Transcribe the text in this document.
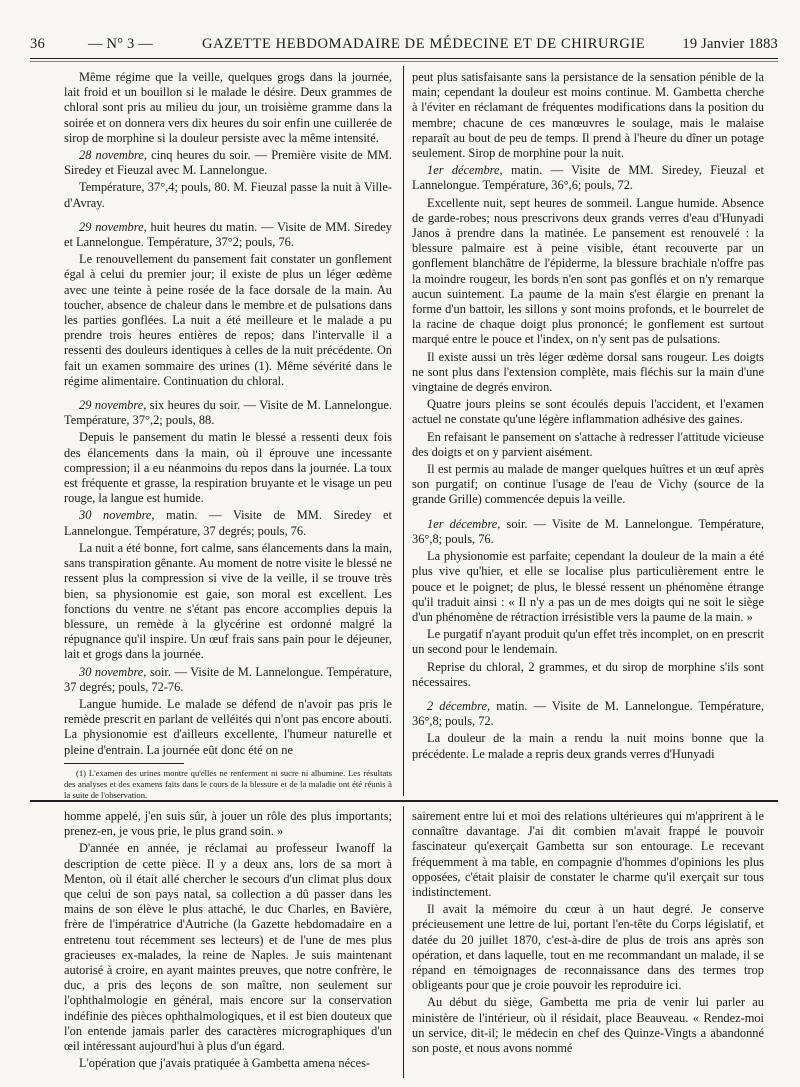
36	— N° 3 —	GAZETTE HEBDOMADAIRE DE MÉDECINE ET DE CHIRURGIE	19 Janvier 1883

Même régime que la veille, quelques grogs dans la journée, lait froid et un bouillon si le malade le désire. Deux grammes de chloral sont pris au milieu du jour, un troisième gramme dans la soirée et on donnera vers dix heures du soir enfin une cuillerée de sirop de morphine si la douleur persiste avec la même intensité.

28 novembre, cinq heures du soir. — Première visite de MM. Siredey et Fieuzal avec M. Lannelongue.

Température, 37°,4; pouls, 80. M. Fieuzal passe la nuit à Ville-d'Avray.

29 novembre, huit heures du matin. — Visite de MM. Siredey et Lannelongue. Température, 37°2; pouls, 76.

Le renouvellement du pansement fait constater un gonflement égal à celui du premier jour; il existe de plus un léger œdème avec une teinte à peine rosée de la face dorsale de la main. Au toucher, absence de chaleur dans le membre et de pulsations dans les parties gonflées. La nuit a été meilleure et le malade a pu prendre trois heures entières de repos; dans l'intervalle il a ressenti des douleurs identiques à celles de la nuit précédente. On fait un examen sommaire des urines (1). Même sévérité dans le régime alimentaire. Continuation du chloral.

29 novembre, six heures du soir. — Visite de M. Lannelongue. Température, 37°,2; pouls, 88.

Depuis le pansement du matin le blessé a ressenti deux fois des élancements dans la main, où il éprouve une incessante compression; il a eu néanmoins du repos dans la journée. La toux est fréquente et grasse, la respiration bruyante et le visage un peu rouge, la langue est humide.

30 novembre, matin. — Visite de MM. Siredey et Lannelongue. Température, 37 degrés; pouls, 76.

La nuit a été bonne, fort calme, sans élancements dans la main, sans transpiration gênante. Au moment de notre visite le blessé ne ressent plus la compression si vive de la veille, il se trouve très bien, sa physionomie est gaie, son moral est excellent. Les fonctions du ventre ne s'étant pas encore accomplies depuis la blessure, un remède à la glycérine est ordonné malgré la répugnance qu'il inspire. Un œuf frais sans pain pour le déjeuner, lait et grogs dans la journée.

30 novembre, soir. — Visite de M. Lannelongue. Température, 37 degrés; pouls, 72-76.

Langue humide. Le malade se défend de n'avoir pas pris le remède prescrit en parlant de velléités qui n'ont pas encore abouti. La physionomie est d'ailleurs excellente, l'humeur naturelle et pleine d'entrain. La journée eût donc été on ne

(1) L'examen des urines montre qu'elles ne renferment ni sucre ni albumine. Les résultats des analyses et des examens faits dans le cours de la blessure et de la maladie ont été réunis à la suite de l'observation.

peut plus satisfaisante sans la persistance de la sensation pénible de la main; cependant la douleur est moins continue. M. Gambetta cherche à l'éviter en réclamant de fréquentes modifications dans la position du membre; chacune de ces manœuvres le soulage, mais le malaise reparaît au bout de peu de temps. Il prend à l'heure du dîner un potage seulement. Sirop de morphine pour la nuit.

1er décembre, matin. — Visite de MM. Siredey, Fieuzal et Lannelongue. Température, 36°,6; pouls, 72.

Excellente nuit, sept heures de sommeil. Langue humide. Absence de garde-robes; nous prescrivons deux grands verres d'eau d'Hunyadi Janos à prendre dans la matinée. Le pansement est renouvelé : la blessure palmaire est à peine visible, étant recouverte par un gonflement blanchâtre de l'épiderme, la blessure brachiale n'offre pas la moindre rougeur, les bords n'en sont pas gonflés et on n'y remarque aucun suintement. La paume de la main s'est élargie en prenant la forme d'un battoir, les sillons y sont moins profonds, et le bourrelet de la racine de chaque doigt plus prononcé; le gonflement est surtout marqué entre le pouce et l'index, on n'y sent pas de pulsations.

Il existe aussi un très léger œdème dorsal sans rougeur. Les doigts ne sont plus dans l'extension complète, mais fléchis sur la main d'une vingtaine de degrés environ.

Quatre jours pleins se sont écoulés depuis l'accident, et l'examen actuel ne constate qu'une légère inflammation adhésive des gaines.

En refaisant le pansement on s'attache à redresser l'attitude vicieuse des doigts et on y parvient aisément.

Il est permis au malade de manger quelques huîtres et un œuf après son purgatif; on continue l'usage de l'eau de Vichy (source de la grande Grille) commencée depuis la veille.

1er décembre, soir. — Visite de M. Lannelongue. Température, 36°,8; pouls, 76.

La physionomie est parfaite; cependant la douleur de la main a été plus vive qu'hier, et elle se localise plus particulièrement entre le pouce et le poignet; de plus, le blessé ressent un phénomène étrange qu'il traduit ainsi : « Il n'y a pas un de mes doigts qui ne soit le siège d'un phénomène de rétraction irrésistible vers la paume de la main. »

Le purgatif n'ayant produit qu'un effet très incomplet, on en prescrit un second pour le lendemain.

Reprise du chloral, 2 grammes, et du sirop de morphine s'ils sont nécessaires.

2 décembre, matin. — Visite de M. Lannelongue. Température, 36°,8; pouls, 72.

La douleur de la main a rendu la nuit moins bonne que la précédente. Le malade a repris deux grands verres d'Hunyadi

homme appelé, j'en suis sûr, à jouer un rôle des plus importants; prenez-en, je vous prie, le plus grand soin. »

D'année en année, je réclamai au professeur Iwanoff la description de cette pièce. Il y a deux ans, lors de sa mort à Menton, où il était allé chercher le secours d'un climat plus doux que celui de son pays natal, sa collection a dû passer dans les mains de son élève le plus attaché, le duc Charles, en Bavière, frère de l'impératrice d'Autriche (la Gazette hebdomadaire en a entretenu tout récemment ses lecteurs) et de l'une de mes plus gracieuses ex-malades, la reine de Naples. Je suis maintenant autorisé à croire, en ayant maintes preuves, que notre confrère, le duc, a pris des leçons de son maître, non seulement sur l'ophthalmologie en général, mais encore sur la conservation indéfinie des pièces ophthalmologiques, et il est bien douteux que l'on entende jamais parler des caractères micrographiques d'un œil intéressant aujourd'hui à plus d'un égard.

L'opération que j'avais pratiquée à Gambetta amena néces-

sairement entre lui et moi des relations ultérieures qui m'apprirent à le connaître davantage. J'ai dit combien m'avait frappé le pouvoir fascinateur qu'exerçait Gambetta sur son entourage. Le recevant fréquemment à ma table, en compagnie d'hommes d'opinions les plus opposées, c'était plaisir de constater le charme qu'il exerçait sur tous indistinctement.

Il avait la mémoire du cœur à un haut degré. Je conserve précieusement une lettre de lui, portant l'en-tête du Corps législatif, et datée du 20 juillet 1870, c'est-à-dire de plus de trois ans après son opération, et dans laquelle, tout en me recommandant un malade, il se répand en témoignages de reconnaissance dans des termes trop obligeants pour que je croie pouvoir les reproduire ici.

Au début du siège, Gambetta me pria de venir lui parler au ministère de l'intérieur, où il résidait, place Beauveau. « Rendez-moi un service, dit-il; le médecin en chef des Quinze-Vingts a abandonné son poste, et nous avons nommé
